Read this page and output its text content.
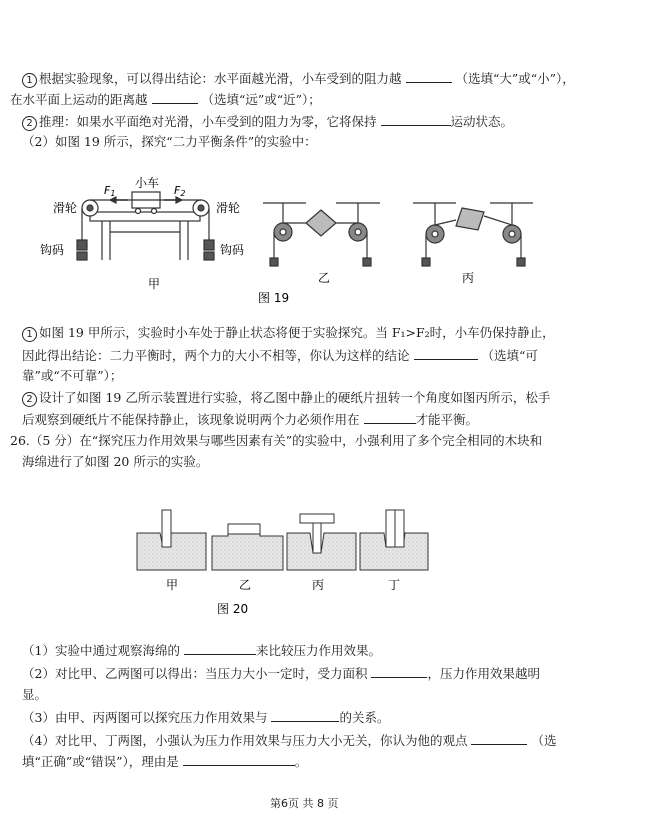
1 根据实验现象，可以得出结论：水平面越光滑，小车受到的阻力越	（选填“大”或“小”），
在水平面上运动的距离越	（选填“远”或“近”）；
2 推理：如果水平面绝对光滑，小车受到的阻力为零，它将保持	运动状态。
（2）如图 19 所示，探究“二力平衡条件”的实验中：
滑轮	滑轮
钩码	钩码
小车
F1	F2
甲	乙	丙
图 19
1 如图 19 甲所示，实验时小车处于静止状态将便于实验探究。当 F₁>F₂时，小车仍保持静止，
因此得出结论：二力平衡时，两个力的大小不相等，你认为这样的结论	（选填“可
靠”或“不可靠”）；
2 设计了如图 19 乙所示装置进行实验，将乙图中静止的硬纸片扭转一个角度如图丙所示，松手
后观察到硬纸片不能保持静止，该现象说明两个力必须作用在	才能平衡。
26.（5 分）在“探究压力作用效果与哪些因素有关”的实验中，小强利用了多个完全相同的木块和
海绵进行了如图 20 所示的实验。
甲	乙	丙	丁
图 20
（1）实验中通过观察海绵的	来比较压力作用效果。
（2）对比甲、乙两图可以得出：当压力大小一定时，受力面积	，压力作用效果越明
显。
（3）由甲、丙两图可以探究压力作用效果与	的关系。
（4）对比甲、丁两图，小强认为压力作用效果与压力大小无关，你认为他的观点	（选
填“正确”或“错误”），理由是	。
第6页 共 8 页
